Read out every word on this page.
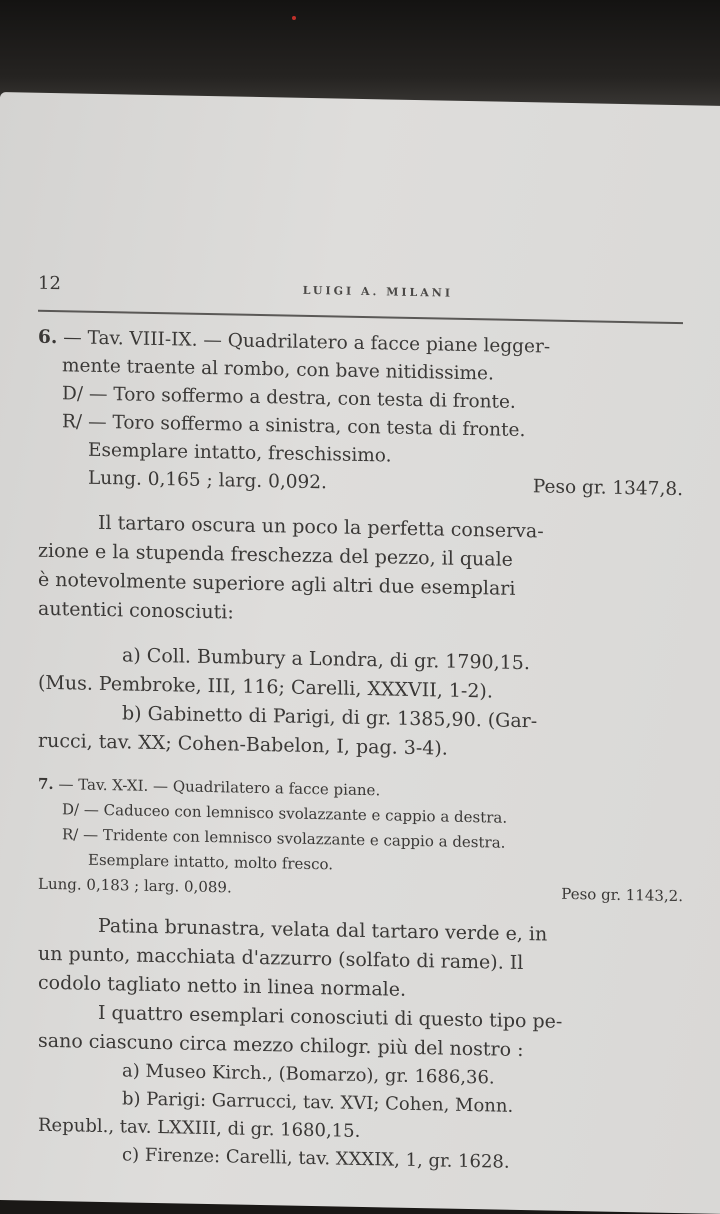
12	LUIGI A. MILANI
6. — Tav. VIII-IX. — Quadrilatero a facce piane legger-
mente traente al rombo, con bave nitidissime.
D/ — Toro soffermo a destra, con testa di fronte.
R/ — Toro soffermo a sinistra, con testa di fronte.
Esemplare intatto, freschissimo.
Lung. 0,165 ; larg. 0,092.	Peso gr. 1347,8.
Il tartaro oscura un poco la perfetta conserva-
zione e la stupenda freschezza del pezzo, il quale
è notevolmente superiore agli altri due esemplari
autentici conosciuti:
a) Coll. Bumbury a Londra, di gr. 1790,15.
(Mus. Pembroke, III, 116; Carelli, XXXVII, 1-2).
b) Gabinetto di Parigi, di gr. 1385,90. (Gar-
rucci, tav. XX; Cohen-Babelon, I, pag. 3-4).
7. — Tav. X-XI. — Quadrilatero a facce piane.
D/ — Caduceo con lemnisco svolazzante e cappio a destra.
R/ — Tridente con lemnisco svolazzante e cappio a destra.
Esemplare intatto, molto fresco.
Lung. 0,183 ; larg. 0,089.	Peso gr. 1143,2.
Patina brunastra, velata dal tartaro verde e, in
un punto, macchiata d'azzurro (solfato di rame). Il
codolo tagliato netto in linea normale.
I quattro esemplari conosciuti di questo tipo pe-
sano ciascuno circa mezzo chilogr. più del nostro :
a) Museo Kirch., (Bomarzo), gr. 1686,36.
b) Parigi: Garrucci, tav. XVI; Cohen, Monn.
Republ., tav. LXXIII, di gr. 1680,15.
c) Firenze: Carelli, tav. XXXIX, 1, gr. 1628.
